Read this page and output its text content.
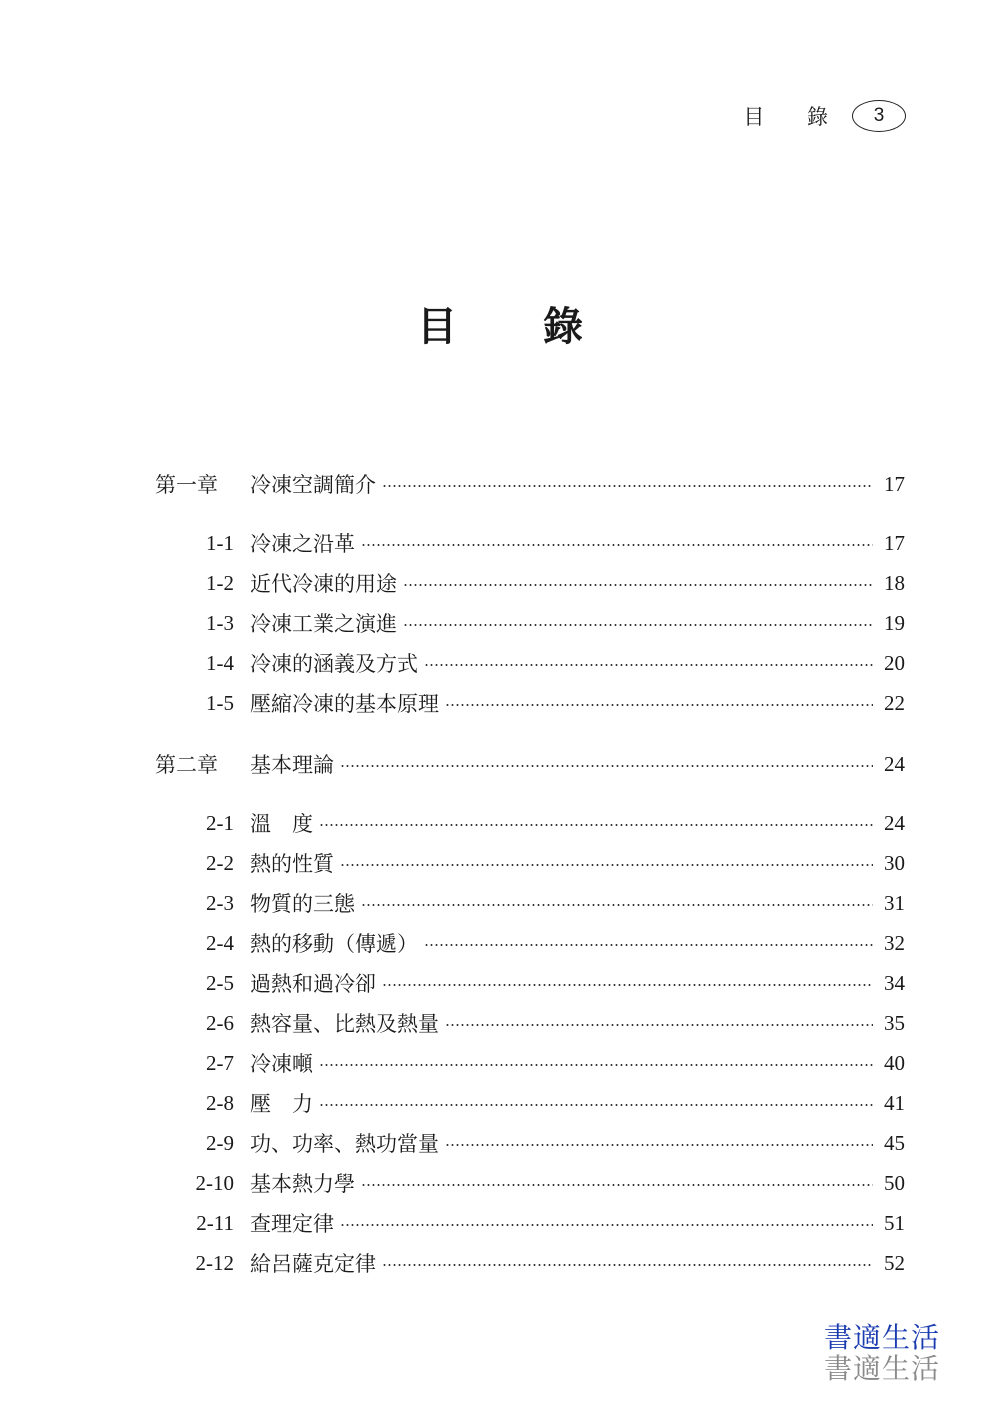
目 錄	3
目 錄
第一章	冷凍空調簡介	17
1-1 冷凍之沿革	17
1-2 近代冷凍的用途	18
1-3 冷凍工業之演進	19
1-4 冷凍的涵義及方式	20
1-5 壓縮冷凍的基本原理	22
第二章	基本理論	24
2-1 溫　度	24
2-2 熱的性質	30
2-3 物質的三態	31
2-4 熱的移動（傳遞）	32
2-5 過熱和過冷卻	34
2-6 熱容量、比熱及熱量	35
2-7 冷凍噸	40
2-8 壓　力	41
2-9 功、功率、熱功當量	45
2-10 基本熱力學	50
2-11 查理定律	51
2-12 給呂薩克定律	52
書適生活
書適生活
